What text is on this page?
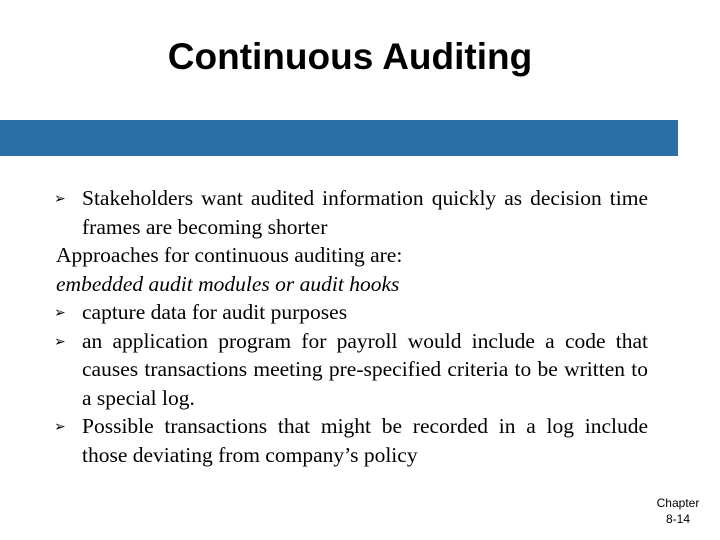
Continuous Auditing
➢ Stakeholders want audited information quickly as decision time frames are becoming shorter
Approaches for continuous auditing are:
embedded audit modules or audit hooks
➢ capture data for audit purposes
➢ an application program for payroll would include a code that causes transactions meeting pre-specified criteria to be written to a special log.
➢ Possible transactions that might be recorded in a log include those deviating from company’s policy
Chapter
8-14
